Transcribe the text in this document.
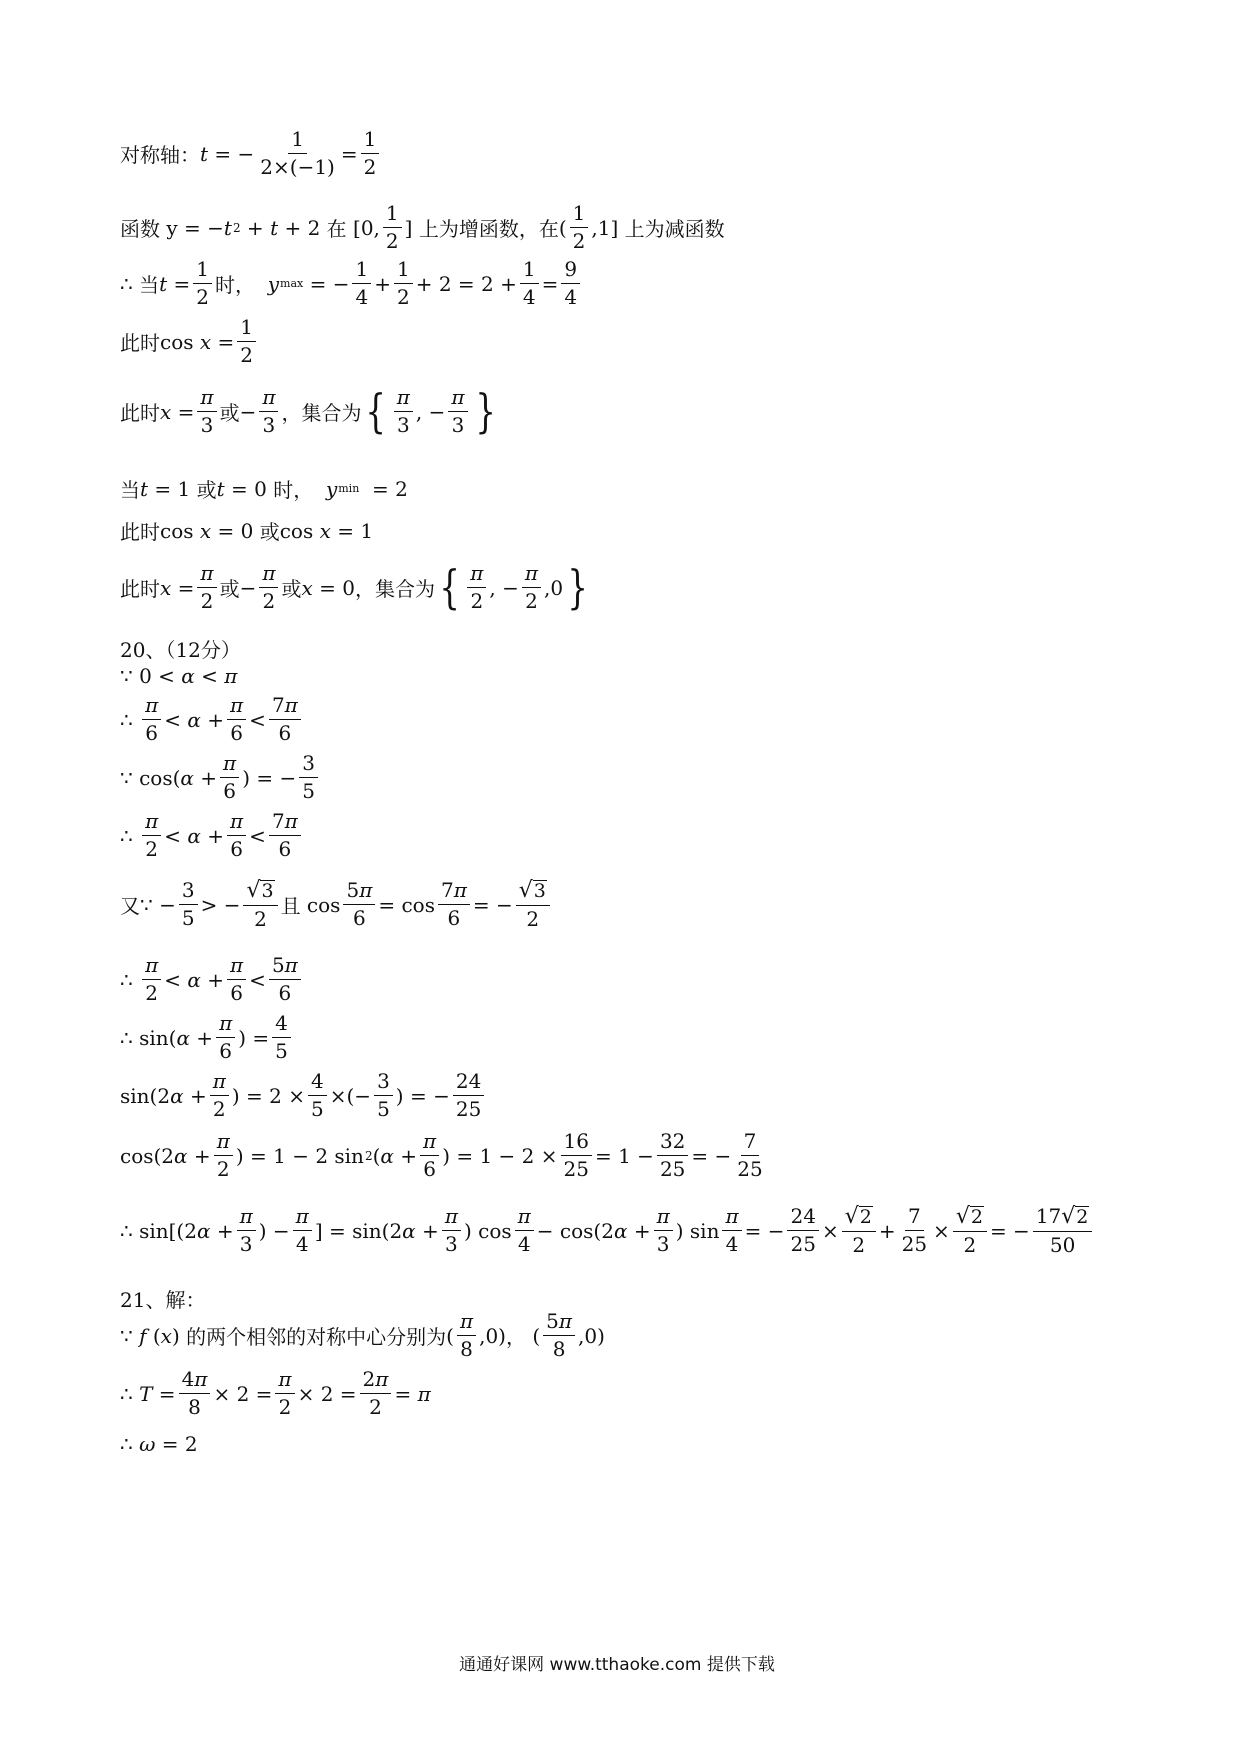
对称轴： t = − $\frac{1}{2\times(-1)} = \frac{1}{2}$
函数 y = − t 2 + t + 2 在 [0, $\frac{1}{2}$ ] 上为增函数，在 ( $\frac{1}{2} ,1$] 上为减函数
∴ 当 $t = \frac{1}{2}$ 时，
y max = − $\frac{1}{4} + \frac{1}{2} + 2 = 2 + \frac{1}{4} = \frac{9}{4}$
此时 $\cos x = \frac{1}{2}$
此时 $x = \frac{\pi}{3}$ 或 − $\frac{\pi}{3}$ ，集合为 { $\frac{\pi}{3}$ , − $\frac{\pi}{3}$ }
当 t = 1 或 t = 0 时，
y min = 2
此时 cos x = 0 或 cos x = 1
此时 $x = \frac{\pi}{2}$ 或 − $\frac{\pi}{2}$ 或 x = 0 ，集合为 { $\frac{\pi}{2}$ , − $\frac{\pi}{2} ,0$ }
20、（12分）
∵ 0 < α < π
∴ $\frac{\pi}{6} < \alpha + \frac{\pi}{6} < \frac{7\pi}{6}$
∵ cos( $\alpha + \frac{\pi}{6}$ ) = − $\frac{3}{5}$
∴ $\frac{\pi}{2} < \alpha + \frac{\pi}{6} < \frac{7\pi}{6}$
又 ∵ − $\frac{3}{5}$ > − $\frac{√ 3}{2}$ 且 $\cos \frac{5\pi}{6} = \cos \frac{7\pi}{6}$ = − $\frac{√ 3}{2}$
∴ $\frac{\pi}{2} < \alpha + \frac{\pi}{6} < \frac{5\pi}{6}$
∴ sin( $\alpha + \frac{\pi}{6}$ ) = $\frac{4}{5}$
sin(2 $\alpha + \frac{\pi}{2}$ ) = $2 \times \frac{4}{5}$ ×(− $\frac{3}{5}$ ) = − $\frac{24}{25}$
cos(2 $\alpha + \frac{\pi}{2}$ ) = 1 − 2 sin 2 ( $\alpha + \frac{\pi}{6}$ ) = $1 - 2 \times \frac{16}{25} = 1 - \frac{32}{25}$ = − $\frac{7}{25}$
∴ sin[(2 $\alpha + \frac{\pi}{3}$ ) − $\frac{\pi}{4}$ ] = sin(2 $\alpha + \frac{\pi}{3}$ ) $\cos \frac{\pi}{4} - \cos(2$ $\alpha + \frac{\pi}{3}$ ) $\sin \frac{\pi}{4}$ = − $\frac{24}{25} \times \frac{√ 2}{2} + \frac{7}{25} \times \frac{√ 2}{2}$ = − $\frac{17 √ 2}{50}$
21、解：
∵ f ( x ) 的两个相邻的对称中心分别为 ( $\frac{\pi}{8} ,0$) ， ( $\frac{5\pi}{8} ,0$)
∴ $T = \frac{4\pi}{8} \times 2 = \frac{\pi}{2} \times 2 = \frac{2\pi}{2} = \pi$
∴ ω = 2
通通好课网 www.tthaoke.com 提供下载
